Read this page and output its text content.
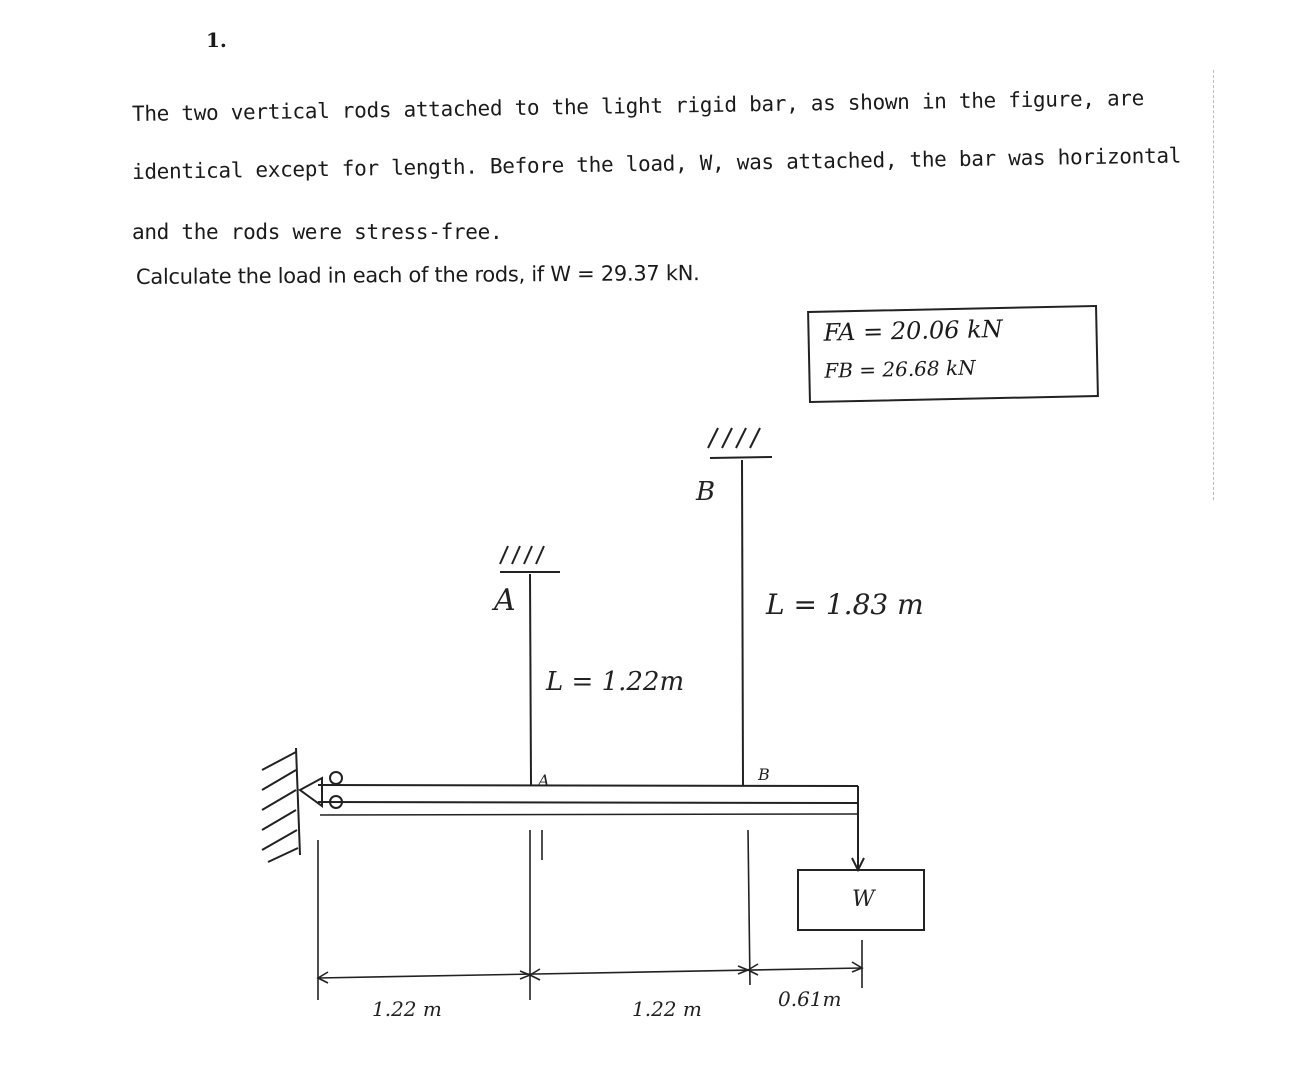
1.
The two vertical rods attached to the light rigid bar, as shown in the figure, are
identical except for length. Before the load, W, was attached, the bar was horizontal
and the rods were stress-free.
Calculate the load in each of the rods, if W = 29.37 kN.
FA = 20.06 kN
FB = 26.68 kN
A
B
L = 1.22m
L = 1.83 m
A	B
W
1.22 m	1.22 m	0.61m
